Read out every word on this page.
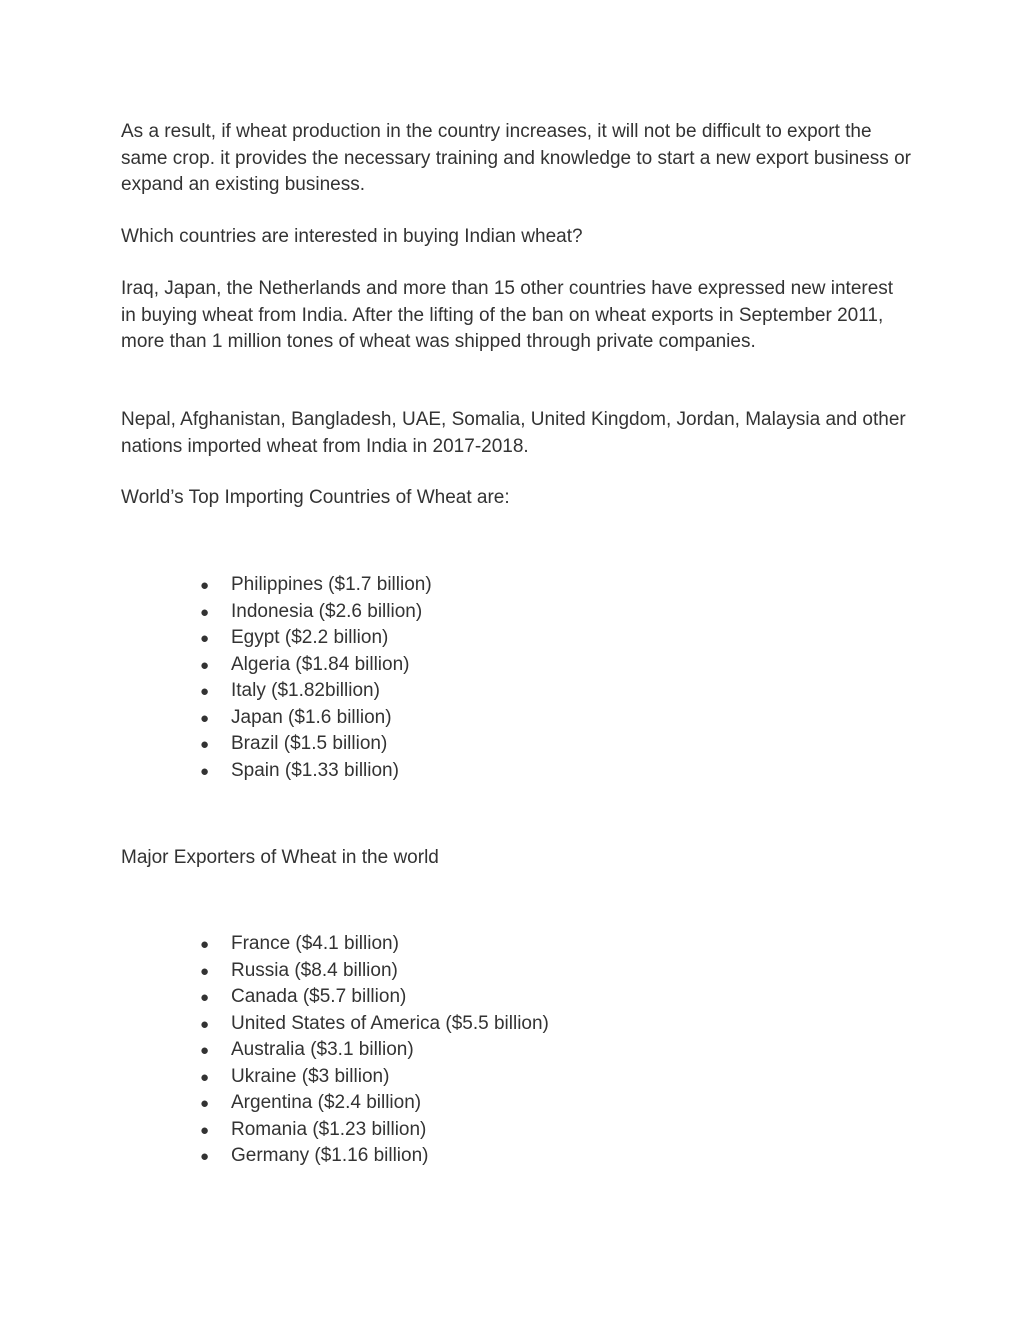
As a result, if wheat production in the country increases, it will not be difficult to export the same crop. it provides the necessary training and knowledge to start a new export business or expand an existing business.

Which countries are interested in buying Indian wheat?

Iraq, Japan, the Netherlands and more than 15 other countries have expressed new interest in buying wheat from India. After the lifting of the ban on wheat exports in September 2011, more than 1 million tones of wheat was shipped through private companies.

Nepal, Afghanistan, Bangladesh, UAE, Somalia, United Kingdom, Jordan, Malaysia and other nations imported wheat from India in 2017-2018.

World’s Top Importing Countries of Wheat are:

●	Philippines ($1.7 billion)
●	Indonesia ($2.6 billion)
●	Egypt ($2.2 billion)
●	Algeria ($1.84 billion)
●	Italy ($1.82billion)
●	Japan ($1.6 billion)
●	Brazil ($1.5 billion)
●	Spain ($1.33 billion)

Major Exporters of Wheat in the world

●	France ($4.1 billion)
●	Russia ($8.4 billion)
●	Canada ($5.7 billion)
●	United States of America ($5.5 billion)
●	Australia ($3.1 billion)
●	Ukraine ($3 billion)
●	Argentina ($2.4 billion)
●	Romania ($1.23 billion)
●	Germany ($1.16 billion)
